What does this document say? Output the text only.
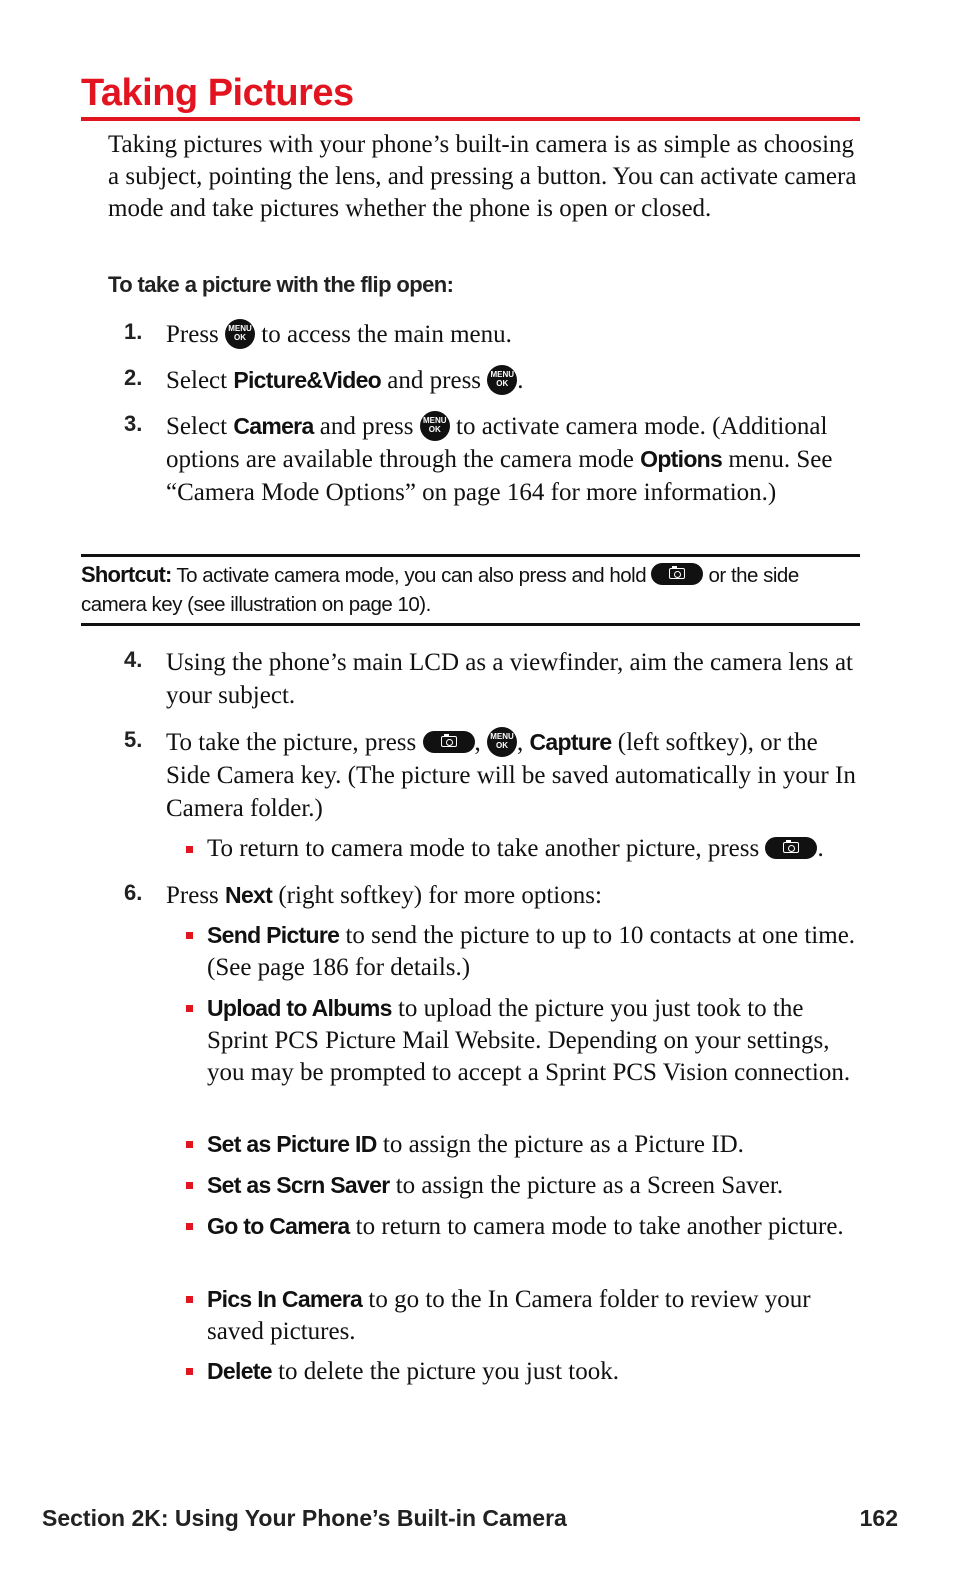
Taking Pictures

Taking pictures with your phone’s built-in camera is as simple as choosing a subject, pointing the lens, and pressing a button. You can activate camera mode and take pictures whether the phone is open or closed.

To take a picture with the flip open:

1. Press	MENU
OK to access the main menu.
2. Select Picture&Video and press	MENU
OK .
3. Select Camera and press	MENU
OK to activate camera mode. (Additional options are available through the camera mode Options menu. See “Camera Mode Options” on page 164 for more information.)
Shortcut: To activate camera mode, you can also press and hold	or the side camera key (see illustration on page 10).
4. Using the phone’s main LCD as a viewfinder, aim the camera lens at your subject.
5. To take the picture, press ,	MENU
OK , Capture (left softkey), or the Side Camera key. (The picture will be saved automatically in your In Camera folder.)
To return to camera mode to take another picture, press .
6. Press Next (right softkey) for more options:
Send Picture to send the picture to up to 10 contacts at one time. (See page 186 for details.)
Upload to Albums to upload the picture you just took to the Sprint PCS Picture Mail Website. Depending on your settings, you may be prompted to accept a Sprint PCS Vision connection.
Set as Picture ID to assign the picture as a Picture ID.
Set as Scrn Saver to assign the picture as a Screen Saver.
Go to Camera to return to camera mode to take another picture.
Pics In Camera to go to the In Camera folder to review your saved pictures.
Delete to delete the picture you just took.

Section 2K: Using Your Phone’s Built-in Camera	162
